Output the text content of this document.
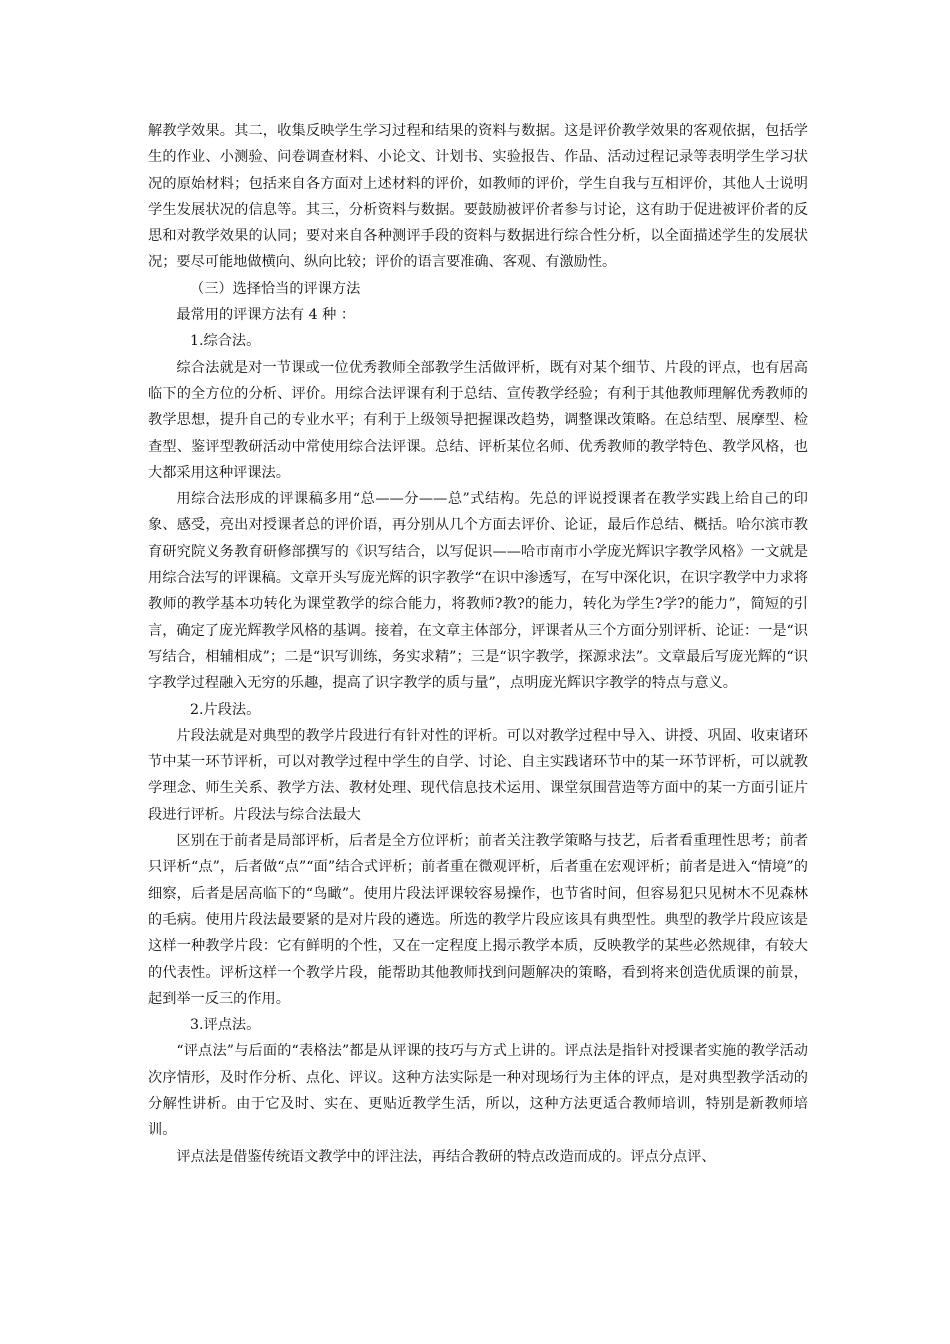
解教学效果。其二，收集反映学生学习过程和结果的资料与数据。这是评价教学效果的客观依据，包括学生的作业、小测验、问卷调查材料、小论文、计划书、实验报告、作品、活动过程记录等表明学生学习状况的原始材料；包括来自各方面对上述材料的评价，如教师的评价，学生自我与互相评价，其他人士说明学生发展状况的信息等。其三，分析资料与数据。要鼓励被评价者参与讨论，这有助于促进被评价者的反思和对教学效果的认同；要对来自各种测评手段的资料与数据进行综合性分析，以全面描述学生的发展状况；要尽可能地做横向、纵向比较；评价的语言要准确、客观、有激励性。

（三）选择恰当的评课方法

最常用的评课方法有 4 种 ：

1.综合法。

综合法就是对一节课或一位优秀教师全部教学生活做评析，既有对某个细节、片段的评点，也有居高临下的全方位的分析、评价。用综合法评课有利于总结、宣传教学经验；有利于其他教师理解优秀教师的教学思想，提升自己的专业水平；有利于上级领导把握课改趋势，调整课改策略。在总结型、展摩型、检查型、鉴评型教研活动中常使用综合法评课。总结、评析某位名师、优秀教师的教学特色、教学风格，也大都采用这种评课法。

用综合法形成的评课稿多用“总——分——总”式结构。先总的评说授课者在教学实践上给自己的印象、感受，亮出对授课者总的评价语，再分别从几个方面去评价、论证，最后作总结、概括。哈尔滨市教育研究院义务教育研修部撰写的《识写结合，以写促识——哈市南市小学庞光辉识字教学风格》一文就是用综合法写的评课稿。文章开头写庞光辉的识字教学“在识中渗透写，在写中深化识，在识字教学中力求将教师的教学基本功转化为课堂教学的综合能力，将教师?教?的能力，转化为学生?学?的能力”，简短的引言，确定了庞光辉教学风格的基调。接着，在文章主体部分，评课者从三个方面分别评析、论证：一是“识写结合，相辅相成”；二是“识写训练，务实求精”；三是“识字教学，探源求法”。文章最后写庞光辉的“识字教学过程融入无穷的乐趣，提高了识字教学的质与量”，点明庞光辉识字教学的特点与意义。

2.片段法。

片段法就是对典型的教学片段进行有针对性的评析。可以对教学过程中导入、讲授、巩固、收束诸环节中某一环节评析，可以对教学过程中学生的自学、讨论、自主实践诸环节中的某一环节评析，可以就教学理念、师生关系、教学方法、教材处理、现代信息技术运用、课堂氛围营造等方面中的某一方面引证片段进行评析。片段法与综合法最大

区别在于前者是局部评析，后者是全方位评析；前者关注教学策略与技艺，后者看重理性思考；前者只评析“点”，后者做“点”“面”结合式评析；前者重在微观评析，后者重在宏观评析；前者是进入“情境”的细察，后者是居高临下的“鸟瞰”。使用片段法评课较容易操作，也节省时间，但容易犯只见树木不见森林的毛病。使用片段法最要紧的是对片段的遴选。所选的教学片段应该具有典型性。典型的教学片段应该是这样一种教学片段：它有鲜明的个性，又在一定程度上揭示教学本质，反映教学的某些必然规律，有较大的代表性。评析这样一个教学片段，能帮助其他教师找到问题解决的策略，看到将来创造优质课的前景，起到举一反三的作用。

3.评点法。

“评点法”与后面的“表格法”都是从评课的技巧与方式上讲的。评点法是指针对授课者实施的教学活动次序情形，及时作分析、点化、评议。这种方法实际是一种对现场行为主体的评点，是对典型教学活动的分解性讲析。由于它及时、实在、更贴近教学生活，所以，这种方法更适合教师培训，特别是新教师培训。

评点法是借鉴传统语文教学中的评注法，再结合教研的特点改造而成的。评点分点评、
